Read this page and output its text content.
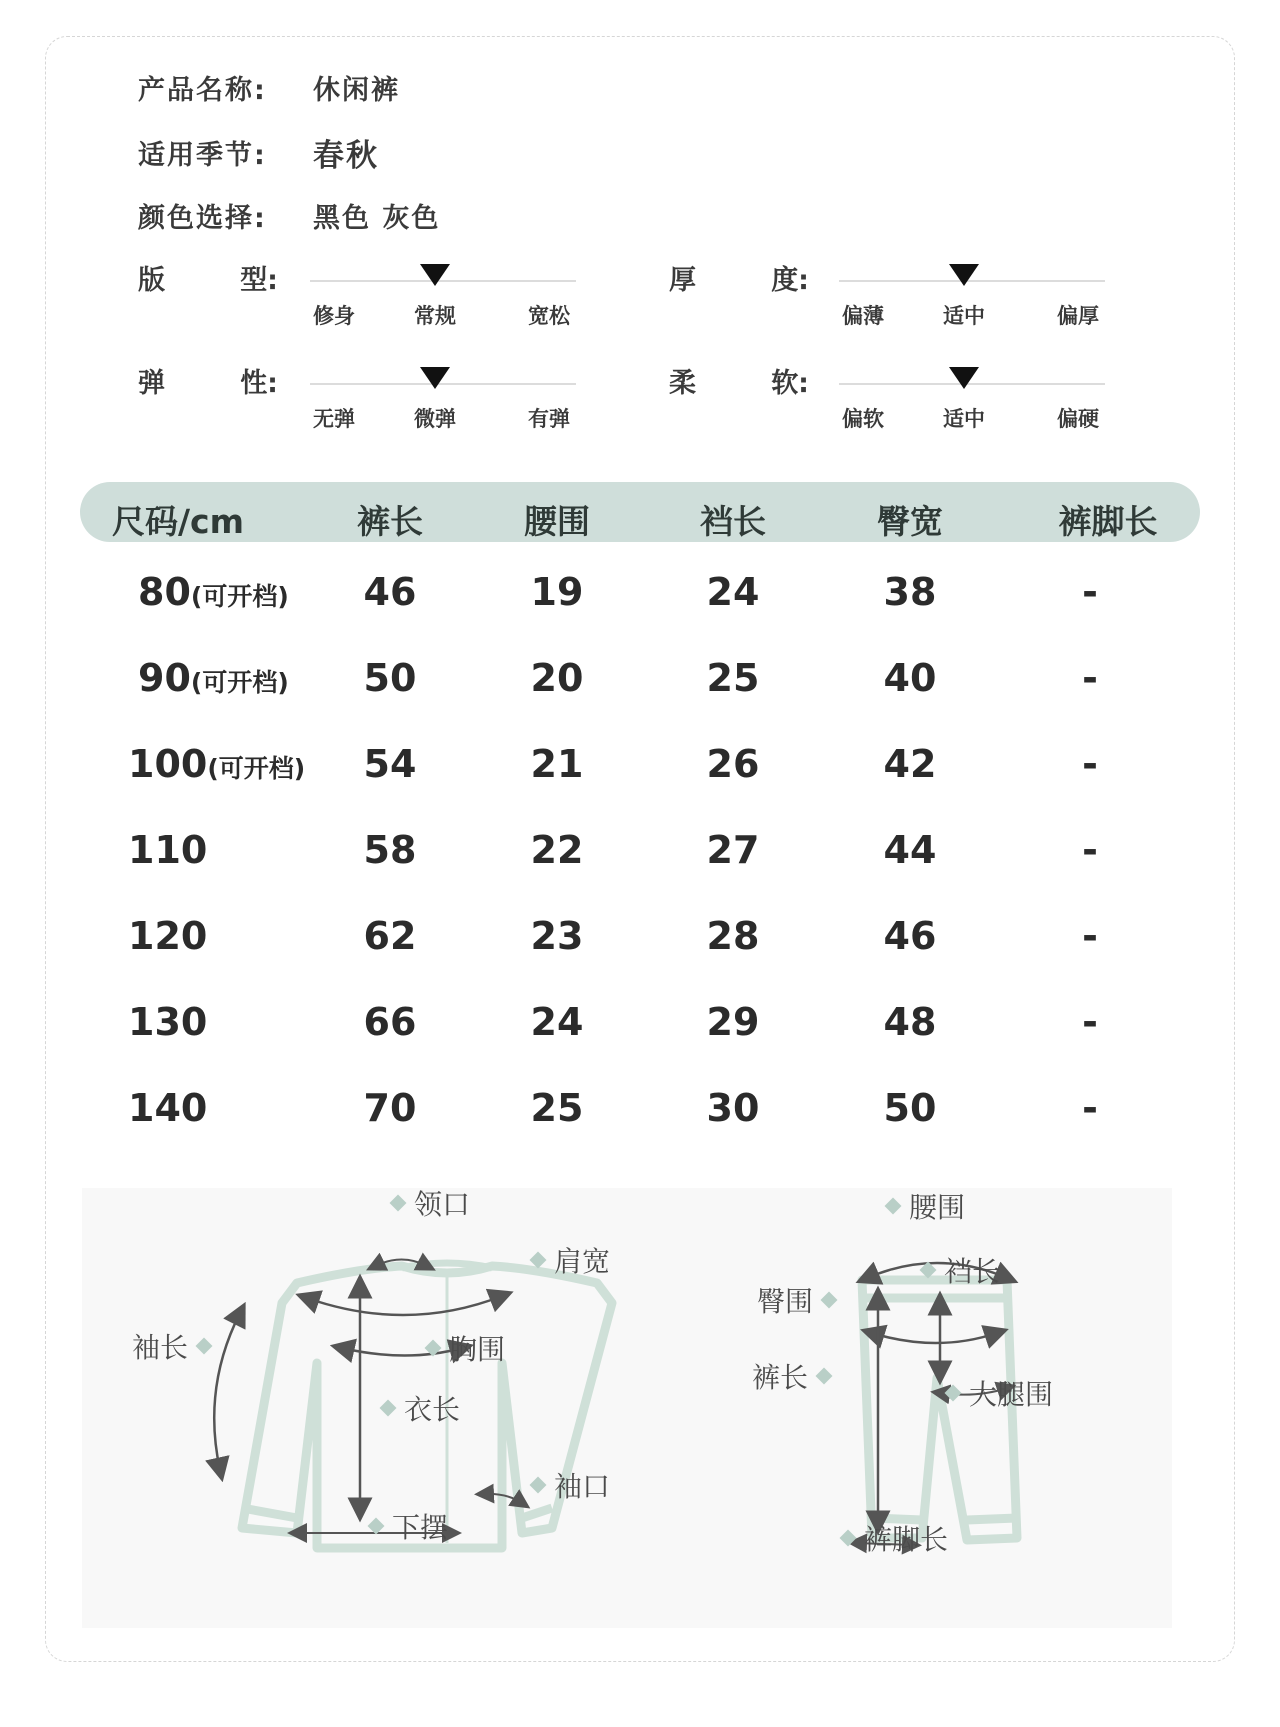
产品名称:	休闲裤
适用季节:	春秋
颜色选择:	黑色 灰色
版	型:
修身	常规	宽松
厚	度:
偏薄	适中	偏厚
弹	性:
无弹	微弹	有弹
柔	软:
偏软	适中	偏硬
尺码/cm	裤长	腰围	裆长	臀宽	裤脚长
80(可开档) 46	19	24	38	-
90(可开档) 50	20	25	40	-
100(可开档) 54	21	26	42	-
110	58	22	27	44	-
120	62	23	28	46	-
130	66	24	29	48	-
140	70	25	30	50	-
领口
肩宽
袖长	胸围
衣长
袖口
下摆
腰围
裆长
臀围
裤长
大腿围
裤脚长
